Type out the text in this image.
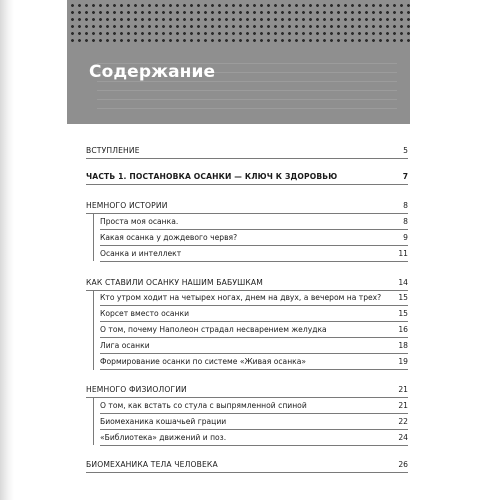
Содержание
ВСТУПЛЕНИЕ	5
ЧАСТЬ 1. ПОСТАНОВКА ОСАНКИ — КЛЮЧ К ЗДОРОВЬЮ	7
НЕМНОГО ИСТОРИИ	8
Проста моя осанка.	8
Какая осанка у дождевого червя?	9
Осанка и интеллект	11
КАК СТАВИЛИ ОСАНКУ НАШИМ БАБУШКАМ	14
Кто утром ходит на четырех ногах, днем на двух, а вечером на трех? 15
Корсет вместо осанки	15
О том, почему Наполеон страдал несварением желудка	16
Лига осанки	18
Формирование осанки по системе «Живая осанка»	19
НЕМНОГО ФИЗИОЛОГИИ	21
О том, как встать со стула с выпрямленной спиной	21
Биомеханика кошачьей грации	22
«Библиотека» движений и поз.	24
БИОМЕХАНИКА ТЕЛА ЧЕЛОВЕКА	26
